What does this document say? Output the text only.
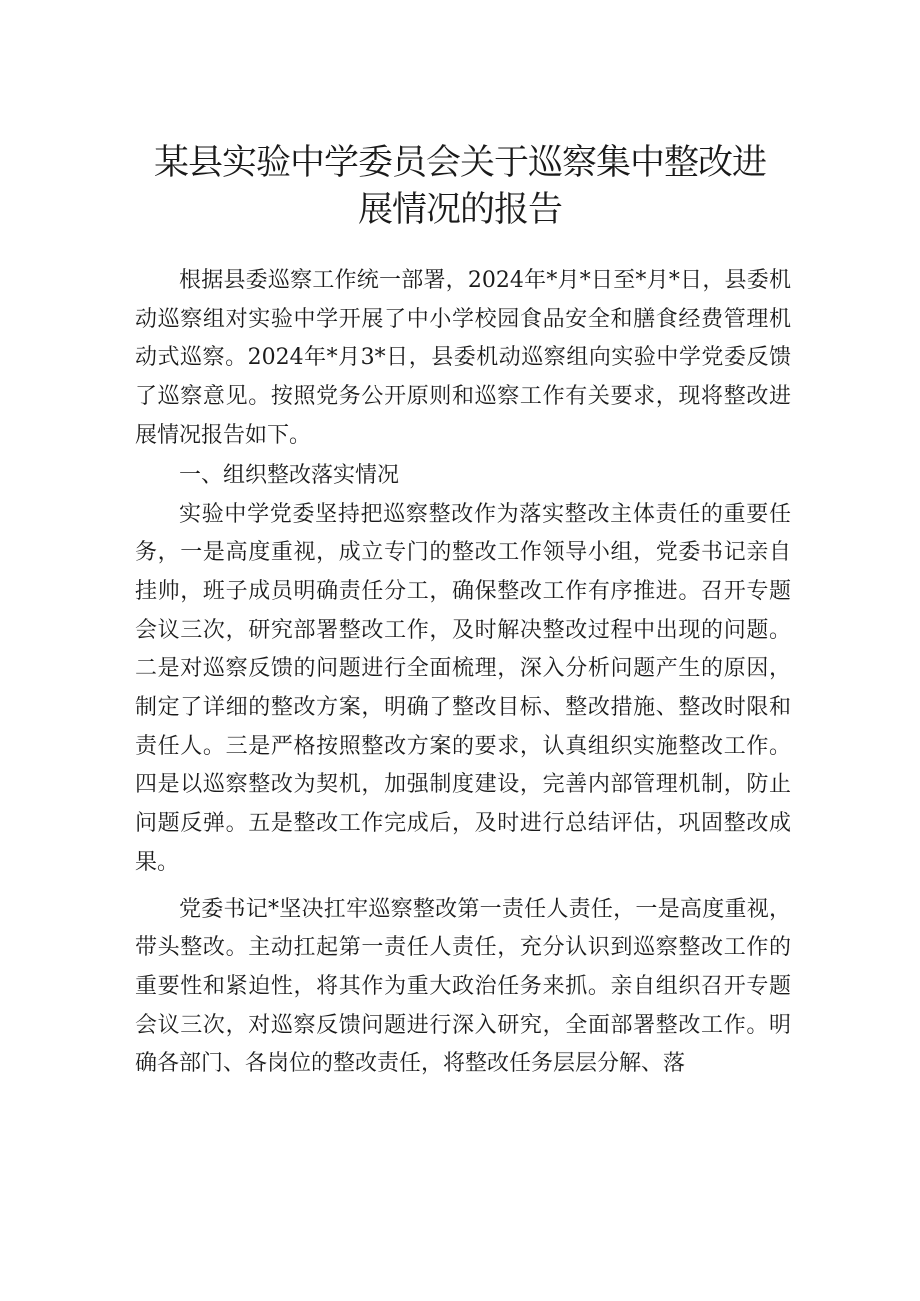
某县实验中学委员会关于巡察集中整改进展情况的报告

根据县委巡察工作统一部署，2024年*月*日至*月*日，县委机动巡察组对实验中学开展了中小学校园食品安全和膳食经费管理机动式巡察。2024年*月3*日，县委机动巡察组向实验中学党委反馈了巡察意见。按照党务公开原则和巡察工作有关要求，现将整改进展情况报告如下。

一、组织整改落实情况

实验中学党委坚持把巡察整改作为落实整改主体责任的重要任务，一是高度重视，成立专门的整改工作领导小组，党委书记亲自挂帅，班子成员明确责任分工，确保整改工作有序推进。召开专题会议三次，研究部署整改工作，及时解决整改过程中出现的问题。二是对巡察反馈的问题进行全面梳理，深入分析问题产生的原因，制定了详细的整改方案，明确了整改目标、整改措施、整改时限和责任人。三是严格按照整改方案的要求，认真组织实施整改工作。四是以巡察整改为契机，加强制度建设，完善内部管理机制，防止问题反弹。五是整改工作完成后，及时进行总结评估，巩固整改成果。

党委书记*坚决扛牢巡察整改第一责任人责任，一是高度重视，带头整改。主动扛起第一责任人责任，充分认识到巡察整改工作的重要性和紧迫性，将其作为重大政治任务来抓。亲自组织召开专题会议三次，对巡察反馈问题进行深入研究，全面部署整改工作。明确各部门、各岗位的整改责任，将整改任务层层分解、落
